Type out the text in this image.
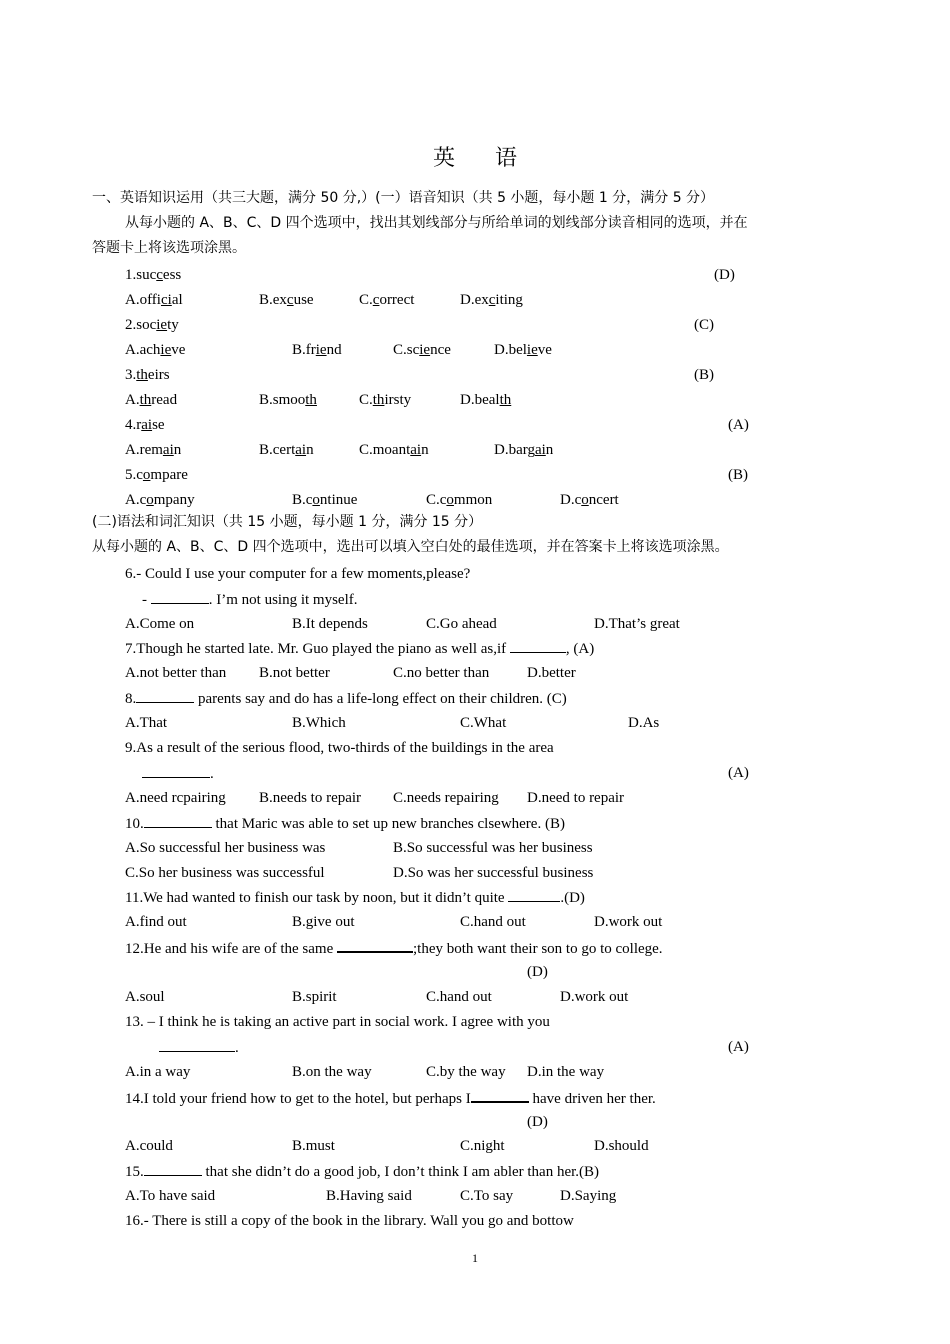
英 语
一、英语知识运用（共三大题，满分 50 分,）(一）语音知识（共 5 小题，每小题 1 分，满分 5 分）
从每小题的 A、B、C、D 四个选项中，找出其划线部分与所给单词的划线部分读音相同的选项，并在
答题卡上将该选项涂黑。
1.success	(D)
A.official	B.excuse	C.correct	D.exciting
2.society	(C)
A.achieve	B.friend	C.science	D.believe
3.theirs	(B)
A.thread	B.smooth	C.thirsty	D.bealth
4.raise	(A)
A.remain	B.certain	C.moantain	D.bargain
5.compare	(B)
A.company	B.continue	C.common	D.concert
(二)语法和词汇知识（共 15 小题，每小题 1 分，满分 15 分）
从每小题的 A、B、C、D 四个选项中，选出可以填入空白处的最佳选项，并在答案卡上将该选项涂黑。
6.- Could I use your computer for a few moments,please?
-	. I’m not using it myself.
A.Come on	B.It depends	C.Go ahead	D.That’s great
7.Though he started late. Mr. Guo played the piano as well as,if	, (A)
A.not better than B.not better	C.no better than	D.better
8.	parents say and do has a life-long effect on their children. (C)
A.That	B.Which	C.What	D.As
9.As a result of the serious flood, two-thirds of the buildings in the area
.	(A)
A.need rcpairing B.needs to repair C.needs repairing D.need to repair
10.	that Maric was able to set up new branches clsewhere. (B)
A.So successful her business was	B.So successful was her business
C.So her business was successful	D.So was her successful business
11.We had wanted to finish our task by noon, but it didn’t quite	.(D)
A.find out	B.give out	C.hand out	D.work out
12.He and his wife are of the same	;they both want their son to go to college.
(D)
A.soul	B.spirit	C.hand out	D.work out
13. – I think he is taking an active part in social work. I agree with you
.	(A)
A.in a way	B.on the way	C.by the way D.in the way
14.I told your friend how to get to the hotel, but perhaps I	have driven her ther.
(D)
A.could	B.must	C.night	D.should
15.	that she didn’t do a good job, I don’t think I am abler than her.(B)
A.To have said	B.Having said	C.To say	D.Saying
16.- There is still a copy of the book in the library. Wall you go and bottow
1
